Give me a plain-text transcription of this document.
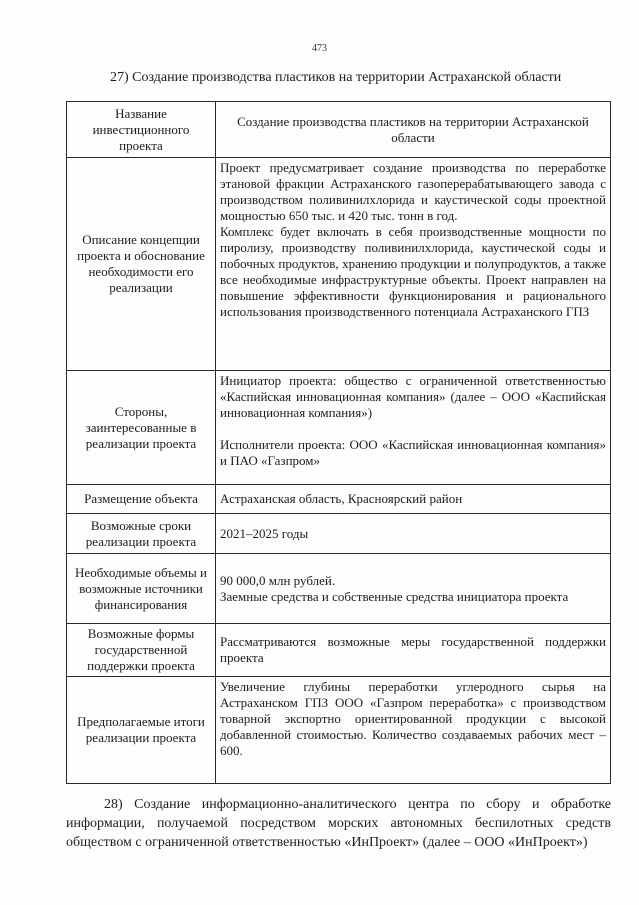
473
27) Создание производства пластиков на территории Астраханской области
Название инвестиционного проекта	Создание производства пластиков на территории Астраханской области

Описание концепции проекта и обоснование необходимости его реализации	Проект предусматривает создание производства по переработке этановой фракции Астраханского газоперерабатывающего завода с производством поливинилхлорида и каустической соды проектной мощностью 650 тыс. и 420 тыс. тонн в год.

Комплекс будет включать в себя производственные мощности по пиролизу, производству поливинилхлорида, каустической соды и побочных продуктов, хранению продукции и полупродуктов, а также все необходимые инфраструктурные объекты. Проект направлен на повышение эффективности функционирования и рационального использования производственного потенциала Астраханского ГПЗ

Стороны, заинтересованные в реализации проекта	Инициатор проекта: общество с ограниченной ответственностью «Каспийская инновационная компания» (далее – ООО «Каспийская инновационная компания»)

Исполнители проекта: ООО «Каспийская инновационная компания» и ПАО «Газпром»

Размещение объекта	Астраханская область, Красноярский район

Возможные сроки реализации проекта	2021–2025 годы

Необходимые объемы и возможные источники финансирования	90 000,0 млн рублей.

Заемные средства и собственные средства инициатора проекта

Возможные формы государственной поддержки проекта	Рассматриваются возможные меры государственной поддержки проекта

Предполагаемые итоги реализации проекта	Увеличение глубины переработки углеродного сырья на Астраханском ГПЗ ООО «Газпром переработка» с производством товарной экспортно ориентированной продукции с высокой добавленной стоимостью. Количество создаваемых рабочих мест – 600.

28) Создание информационно-аналитического центра по сбору и обработке информации, получаемой посредством морских автономных беспилотных средств обществом с ограниченной ответственностью «ИнПроект» (далее – ООО «ИнПроект»)
